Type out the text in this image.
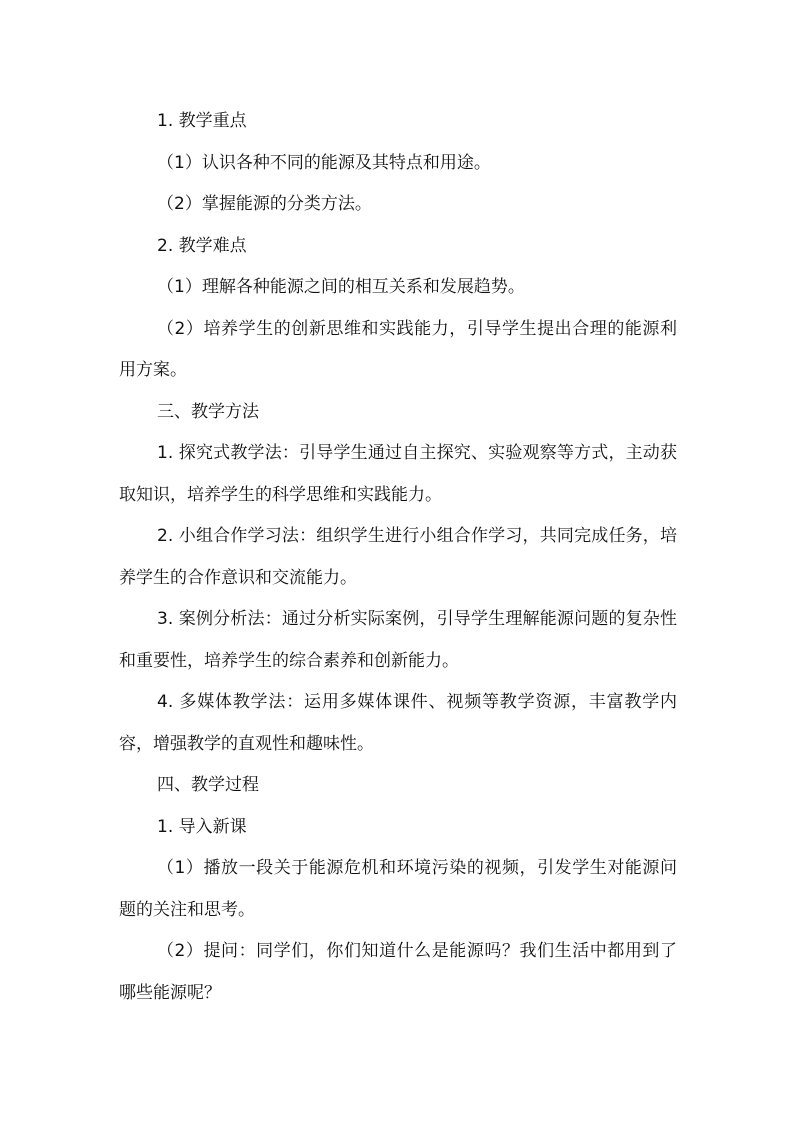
1. 教学重点

（1）认识各种不同的能源及其特点和用途。

（2）掌握能源的分类方法。

2. 教学难点

（1）理解各种能源之间的相互关系和发展趋势。

（2）培养学生的创新思维和实践能力，引导学生提出合理的能源利用方案。

三、教学方法

1. 探究式教学法：引导学生通过自主探究、实验观察等方式，主动获取知识，培养学生的科学思维和实践能力。

2. 小组合作学习法：组织学生进行小组合作学习，共同完成任务，培养学生的合作意识和交流能力。

3. 案例分析法：通过分析实际案例，引导学生理解能源问题的复杂性和重要性，培养学生的综合素养和创新能力。

4. 多媒体教学法：运用多媒体课件、视频等教学资源，丰富教学内容，增强教学的直观性和趣味性。

四、教学过程

1. 导入新课

（1）播放一段关于能源危机和环境污染的视频，引发学生对能源问题的关注和思考。

（2）提问：同学们，你们知道什么是能源吗？我们生活中都用到了哪些能源呢？
